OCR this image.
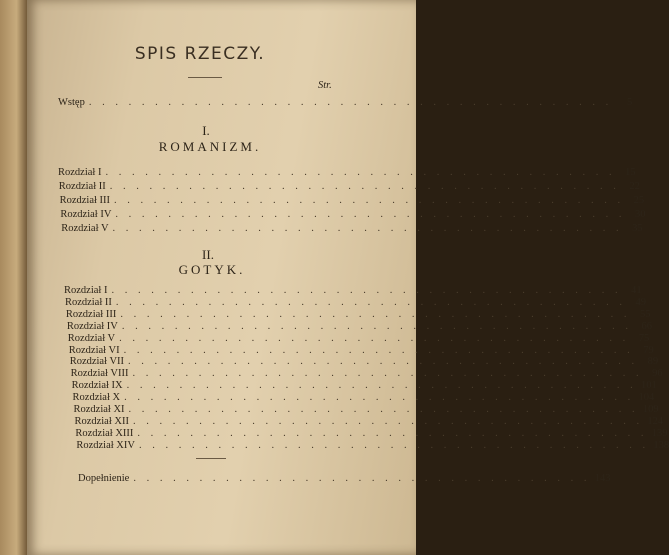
SPIS RZECZY.
Str.
Wstęp . . . . . . . . . . . . . . . . . . . . . . . . . . . . . . . . . . . . . . . .	5
I.
ROMANIZM.
Rozdział I . . . . . . . . . . . . . . . . . . . . . . . . . . . . . . . . . . . . . . . 15
Rozdział II . . . . . . . . . . . . . . . . . . . . . . . . . . . . . . . . . . . . . . . 22
Rozdział III . . . . . . . . . . . . . . . . . . . . . . . . . . . . . . . . . . . . . . . 25
Rozdział IV . . . . . . . . . . . . . . . . . . . . . . . . . . . . . . . . . . . . . . . 30
Rozdział V . . . . . . . . . . . . . . . . . . . . . . . . . . . . . . . . . . . . . . . 35
II.
GOTYK.
Rozdział I . . . . . . . . . . . . . . . . . . . . . . . . . . . . . . . . . . . . . . . 41
Rozdział II . . . . . . . . . . . . . . . . . . . . . . . . . . . . . . . . . . . . . . . 49
Rozdział III . . . . . . . . . . . . . . . . . . . . . . . . . . . . . . . . . . . . . . . 55
Rozdział IV . . . . . . . . . . . . . . . . . . . . . . . . . . . . . . . . . . . . . . . 66
Rozdział V . . . . . . . . . . . . . . . . . . . . . . . . . . . . . . . . . . . . . . . 75
Rozdział VI . . . . . . . . . . . . . . . . . . . . . . . . . . . . . . . . . . . . . . . 79
Rozdział VII . . . . . . . . . . . . . . . . . . . . . . . . . . . . . . . . . . . . . . . 89
Rozdział VIII . . . . . . . . . . . . . . . . . . . . . . . . . . . . . . . . . . . . . . . 96
Rozdział IX . . . . . . . . . . . . . . . . . . . . . . . . . . . . . . . . . . . . . . . 101
Rozdział X . . . . . . . . . . . . . . . . . . . . . . . . . . . . . . . . . . . . . . . 104
Rozdział XI . . . . . . . . . . . . . . . . . . . . . . . . . . . . . . . . . . . . . . . 109
Rozdział XII . . . . . . . . . . . . . . . . . . . . . . . . . . . . . . . . . . . . . . . 124
Rozdział XIII . . . . . . . . . . . . . . . . . . . . . . . . . . . . . . . . . . . . . . . 139
Rozdział XIV . . . . . . . . . . . . . . . . . . . . . . . . . . . . . . . . . . . . . . . 138
Dopełnienie . . . . . . . . . . . . . . . . . . . . . . . . . . . . . . . . . . . 143
